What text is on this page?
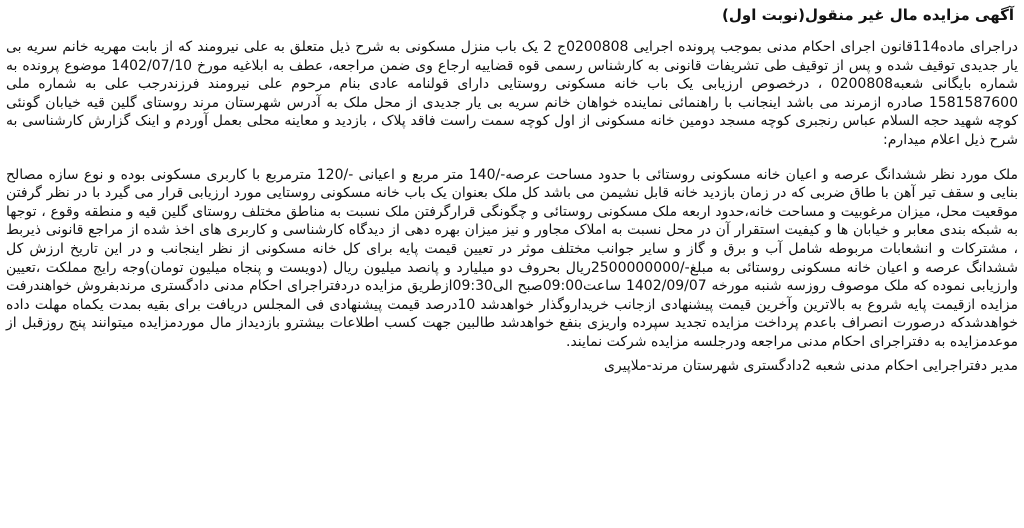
آگهی مزایده مال غیر منقول(نوبت اول)

دراجرای ماده114قانون اجرای احکام مدنی بموجب پرونده اجرایی 0200808ج 2 یک باب منزل مسکونی به شرح ذیل متعلق به علی نیرومند که از بابت مهریه خانم سریه بی یار جدیدی توقیف شده و پس از توقیف طی تشریفات قانونی به کارشناس رسمی قوه قضاییه ارجاع وی ضمن مراجعه، عطف به ابلاغیه مورخ 1402/07/10 موضوع پرونده به شماره بایگانی شعبه0200808 ، درخصوص ارزیابی یک باب خانه مسکونی روستایی دارای قولنامه عادی بنام مرحوم علی نیرومند فرزندرجب علی به شماره ملی 1581587600 صادره ازمرند می باشد اینجانب با راهنمائی نماینده خواهان خانم سریه بی یار جدیدی از محل ملک به آدرس شهرستان مرند روستای گلین قیه خیابان گونئی کوچه شهید حجه السلام عباس رنجبری کوچه مسجد دومین خانه مسکونی از اول کوچه سمت راست فاقد پلاک ، بازدید و معاینه محلی بعمل آوردم و اینک گزارش کارشناسی به شرح ذیل اعلام میدارم:

ملک مورد نظر ششدانگ عرصه و اعیان خانه مسکونی روستائی با حدود مساحت عرصه-/140 متر مربع و اعیانی -/120 مترمربع با کاربری مسکونی بوده و نوع سازه مصالح بنایی و سقف تیر آهن با طاق ضربی که در زمان بازدید خانه قابل نشیمن می باشد کل ملک بعنوان یک باب خانه مسکونی روستایی مورد ارزیابی قرار می گیرد با در نظر گرفتن موقعیت محل، میزان مرغوبیت و مساحت خانه،حدود اربعه ملک مسکونی روستائی و چگونگی قرارگرفتن ملک نسبت به مناطق مختلف روستای گلین قیه و منطقه وقوع ، توجها به شبکه بندی معابر و خیابان ها و کیفیت استقرار آن در محل نسبت به املاک مجاور و نیز میزان بهره دهی از دیدگاه کارشناسی و کاربری های اخذ شده از مراجع قانونی ذیربط ، مشترکات و انشعابات مربوطه شامل آب و برق و گاز و سایر جوانب مختلف موثر در تعیین قیمت پایه برای کل خانه مسکونی از نظر اینجانب و در این تاریخ ارزش کل ششدانگ عرصه و اعیان خانه مسکونی روستائی به مبلغ-/2500000000ریال بحروف دو میلیارد و پانصد میلیون ریال (دویست و پنجاه میلیون تومان)وجه رایج مملکت ،تعیین وارزیابی نموده که ملک موصوف روزسه شنبه مورخه 1402/09/07 ساعت09:00صبح الی09:30ازطریق مزایده دردفتراجرای احکام مدنی دادگستری مرندبفروش خواهندرفت مزایده ازقیمت پایه شروع به بالاترین وآخرین قیمت پیشنهادی ازجانب خریداروگذار خواهدشد 10درصد قیمت پیشنهادی فی المجلس دریافت برای بقیه بمدت یکماه مهلت داده خواهدشدکه درصورت انصراف باعدم پرداخت مزایده تجدید سپرده واریزی بنفع خواهدشد طالبین جهت کسب اطلاعات بیشترو بازدیداز مال موردمزایده میتوانند پنج روزقبل از موعدمزایده به دفتراجرای احکام مدنی مراجعه ودرجلسه مزایده شرکت نمایند.

مدیر دفتراجرایی احکام مدنی شعبه 2دادگستری شهرستان مرند-ملاپیری
